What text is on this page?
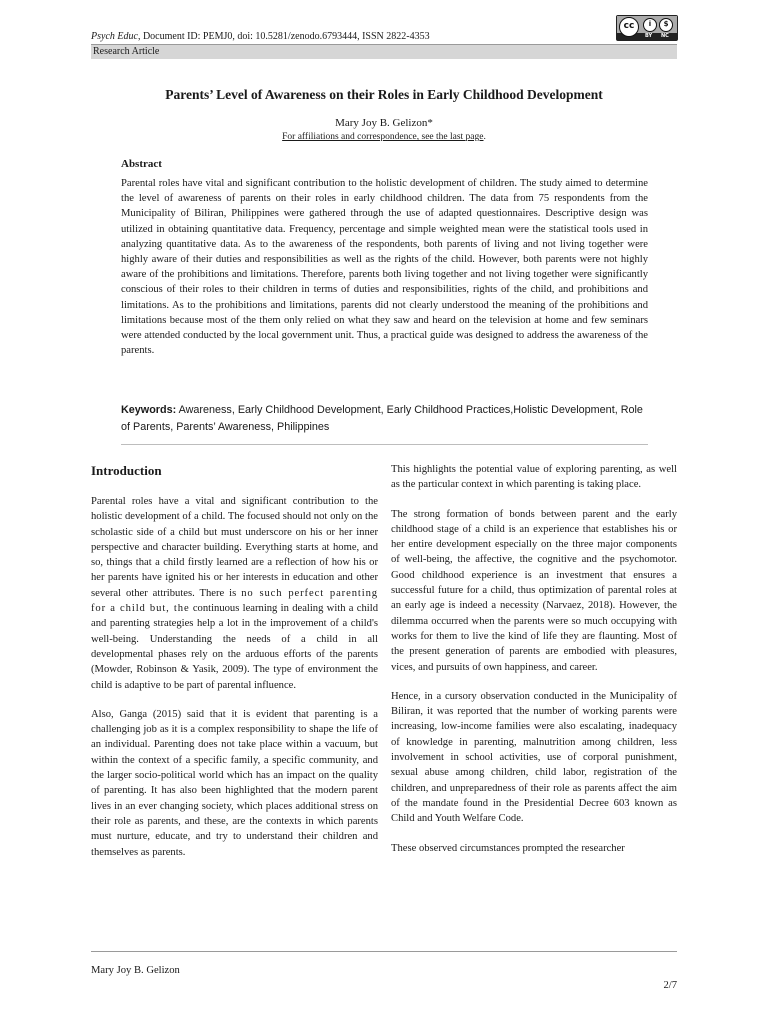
Psych Educ, Document ID: PEMJ0, doi: 10.5281/zenodo.6793444, ISSN 2822-4353
cc	i	$
BY NC
Research Article
Parents’ Level of Awareness on their Roles in Early Childhood Development
Mary Joy B. Gelizon*
For affiliations and correspondence, see the last page.
Abstract
Parental roles have vital and significant contribution to the holistic development of children. The study aimed to determine the level of awareness of parents on their roles in early childhood children. The data from 75 respondents from the Municipality of Biliran, Philippines were gathered through the use of adapted questionnaires. Descriptive design was utilized in obtaining quantitative data. Frequency, percentage and simple weighted mean were the statistical tools used in analyzing quantitative data. As to the awareness of the respondents, both parents of living and not living together were highly aware of their duties and responsibilities as well as the rights of the child. However, both parents were not highly aware of the prohibitions and limitations. Therefore, parents both living together and not living together were significantly conscious of their roles to their children in terms of duties and responsibilities, rights of the child, and prohibitions and limitations. As to the prohibitions and limitations, parents did not clearly understood the meaning of the prohibitions and limitations because most of the them only relied on what they saw and heard on the television at home and few seminars were attended conducted by the local government unit. Thus, a practical guide was designed to address the awareness of the parents.
Keywords: Awareness, Early Childhood Development, Early Childhood Practices,Holistic Development, Role of Parents, Parents’ Awareness, Philippines
Introduction

Parental roles have a vital and significant contribution to the holistic development of a child. The focused should not only on the scholastic side of a child but must underscore on his or her inner perspective and character building. Everything starts at home, and so, things that a child firstly learned are a reflection of how his or her parents have ignited his or her interests in education and other several other attributes. There is no such perfect parenting for a child but, the continuous learning in dealing with a child and parenting strategies help a lot in the improvement of a child's well-being. Understanding the needs of a child in all developmental phases rely on the arduous efforts of the parents (Mowder, Robinson & Yasik, 2009). The type of environment the child is adaptive to be part of parental influence.

Also, Ganga (2015) said that it is evident that parenting is a challenging job as it is a complex responsibility to shape the life of an individual. Parenting does not take place within a vacuum, but within the context of a specific family, a specific community, and the larger socio-political world which has an impact on the quality of parenting. It has also been highlighted that the modern parent lives in an ever changing society, which places additional stress on their role as parents, and these, are the contexts in which parents must nurture, educate, and try to understand their children and themselves as parents.

This highlights the potential value of exploring parenting, as well as the particular context in which parenting is taking place.

The strong formation of bonds between parent and the early childhood stage of a child is an experience that establishes his or her entire development especially on the three major components of well-being, the affective, the cognitive and the psychomotor. Good childhood experience is an investment that ensures a successful future for a child, thus optimization of parental roles at an early age is indeed a necessity (Narvaez, 2018). However, the dilemma occurred when the parents were so much occupying with works for them to live the kind of life they are flaunting. Most of the present generation of parents are embodied with pleasures, vices, and pursuits of own happiness, and career.

Hence, in a cursory observation conducted in the Municipality of Biliran, it was reported that the number of working parents were increasing, low-income families were also escalating, inadequacy of knowledge in parenting, malnutrition among children, less involvement in school activities, use of corporal punishment, sexual abuse among children, child labor, registration of the children, and unpreparedness of their role as parents affect the aim of the mandate found in the Presidential Decree 603 known as Child and Youth Welfare Code.

These observed circumstances prompted the researcher

Mary Joy B. Gelizon
2/7
